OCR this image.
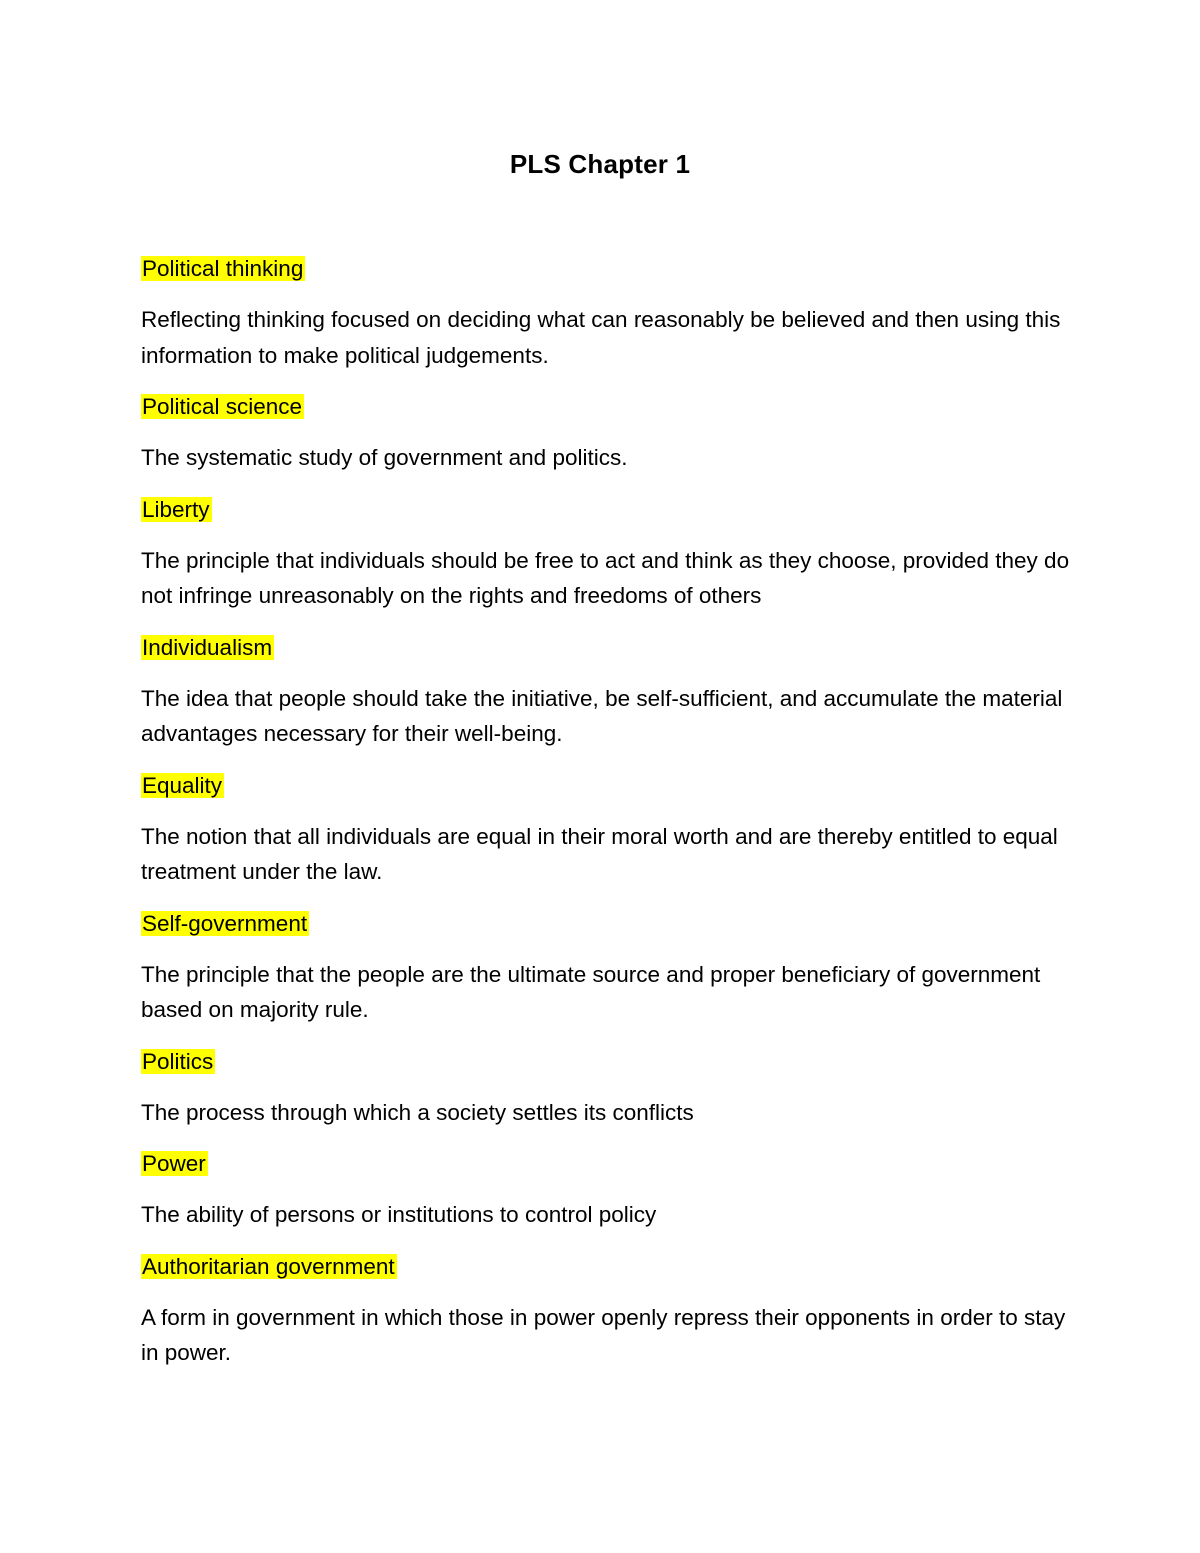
PLS Chapter 1
Political thinking
Reflecting thinking focused on deciding what can reasonably be believed and then using this information to make political judgements.
Political science
The systematic study of government and politics.
Liberty
The principle that individuals should be free to act and think as they choose, provided they do not infringe unreasonably on the rights and freedoms of others
Individualism
The idea that people should take the initiative, be self-sufficient, and accumulate the material advantages necessary for their well-being.
Equality
The notion that all individuals are equal in their moral worth and are thereby entitled to equal treatment under the law.
Self-government
The principle that the people are the ultimate source and proper beneficiary of government based on majority rule.
Politics
The process through which a society settles its conflicts
Power
The ability of persons or institutions to control policy
Authoritarian government
A form in government in which those in power openly repress their opponents in order to stay in power.
